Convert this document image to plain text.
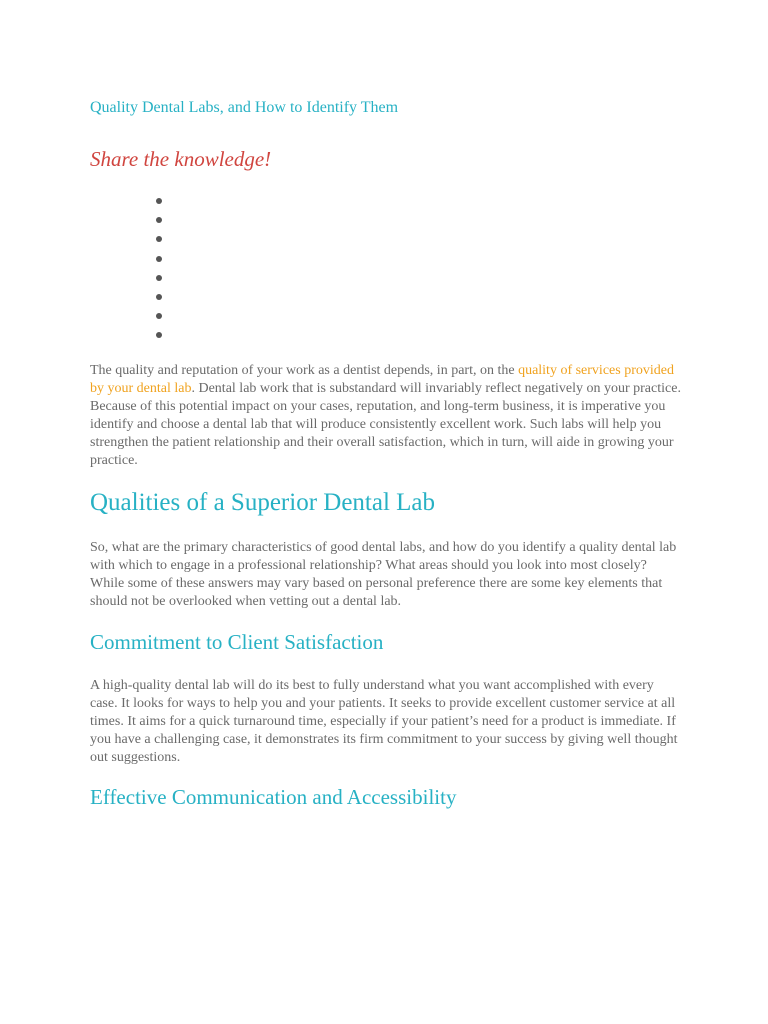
Quality Dental Labs, and How to Identify Them
Share the knowledge!

The quality and reputation of your work as a dentist depends, in part, on the quality of services provided by your dental lab. Dental lab work that is substandard will invariably reflect negatively on your practice. Because of this potential impact on your cases, reputation, and long-term business, it is imperative you identify and choose a dental lab that will produce consistently excellent work. Such labs will help you strengthen the patient relationship and their overall satisfaction, which in turn, will aide in growing your practice.

Qualities of a Superior Dental Lab

So, what are the primary characteristics of good dental labs, and how do you identify a quality dental lab with which to engage in a professional relationship? What areas should you look into most closely? While some of these answers may vary based on personal preference there are some key elements that should not be overlooked when vetting out a dental lab.

Commitment to Client Satisfaction

A high-quality dental lab will do its best to fully understand what you want accomplished with every case. It looks for ways to help you and your patients. It seeks to provide excellent customer service at all times. It aims for a quick turnaround time, especially if your patient’s need for a product is immediate. If you have a challenging case, it demonstrates its firm commitment to your success by giving well thought out suggestions.

Effective Communication and Accessibility
